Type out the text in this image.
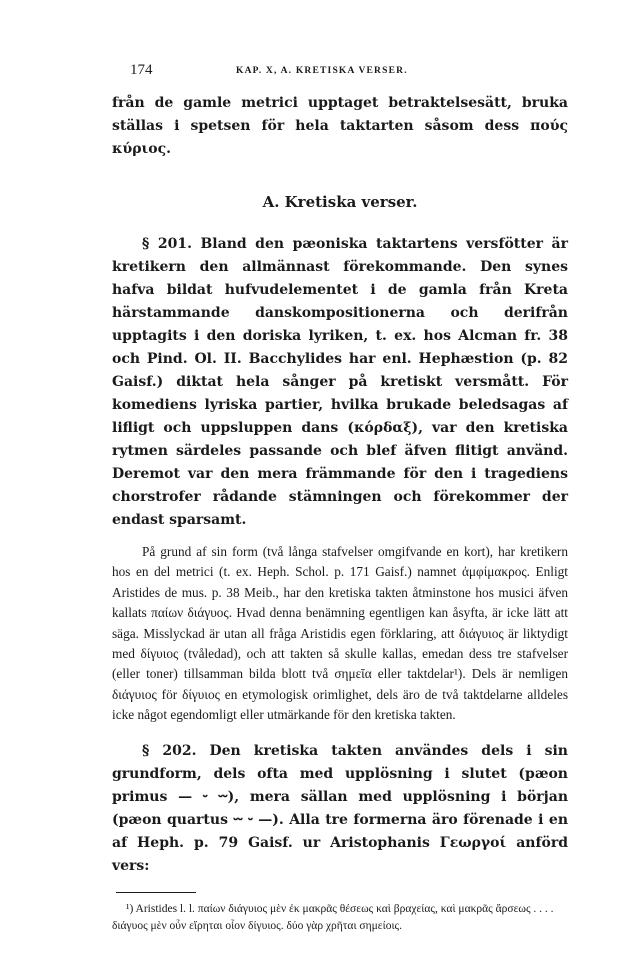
174	KAP. X, A. KRETISKA VERSER.

från de gamle metrici upptaget betraktelsesätt, bruka ställas i spetsen för hela taktarten såsom dess πούς κύριος.

A. Kretiska verser.

§ 201. Bland den pæoniska taktartens versfötter är kretikern den allmännast förekommande. Den synes hafva bildat hufvudelementet i de gamla från Kreta härstammande danskompositionerna och derifrån upptagits i den doriska lyriken, t. ex. hos Alcman fr. 38 och Pind. Ol. II. Bacchylides har enl. Hephæstion (p. 82 Gaisf.) diktat hela sånger på kretiskt versmått. För komediens lyriska partier, hvilka brukade beledsagas af lifligt och uppsluppen dans (κόρδαξ), var den kretiska rytmen särdeles passande och blef äfven flitigt använd. Deremot var den mera främmande för den i tragediens chorstrofer rådande stämningen och förekommer der endast sparsamt.

På grund af sin form (två långa stafvelser omgifvande en kort), har kretikern hos en del metrici (t. ex. Heph. Schol. p. 171 Gaisf.) namnet ἀμφίμακρος. Enligt Aristides de mus. p. 38 Meib., har den kretiska takten åtminstone hos musici äfven kallats παίων διάγυος. Hvad denna benämning egentligen kan åsyfta, är icke lätt att säga. Misslyckad är utan all fråga Aristidis egen förklaring, att διάγυιος är liktydigt med δίγυιος (tvåledad), och att takten så skulle kallas, emedan dess tre stafvelser (eller toner) tillsamman bilda blott två σημεῖα eller taktdelar¹). Dels är nemligen διάγυιος för δίγυιος en etymologisk orimlighet, dels äro de två taktdelarne alldeles icke något egendomligt eller utmärkande för den kretiska takten.

§ 202. Den kretiska takten användes dels i sin grundform, dels ofta med upplösning i slutet (pæon primus — ⏑ ⏑⏑), mera sällan med upplösning i början (pæon quartus ⏑⏑ ⏑ —). Alla tre formerna äro förenade i en af Heph. p. 79 Gaisf. ur Aristophanis Γεωργοί anförd vers:

¹) Aristides l. l. παίων διάγυιος μὲν ἐκ μακρᾶς θέσεως καὶ βραχείας, καὶ μακρᾶς ἄρσεως . . . . διάγυος μὲν οὖν εἴρηται οἷον δίγυιος. δύο γὰρ χρῆται σημείοις.
